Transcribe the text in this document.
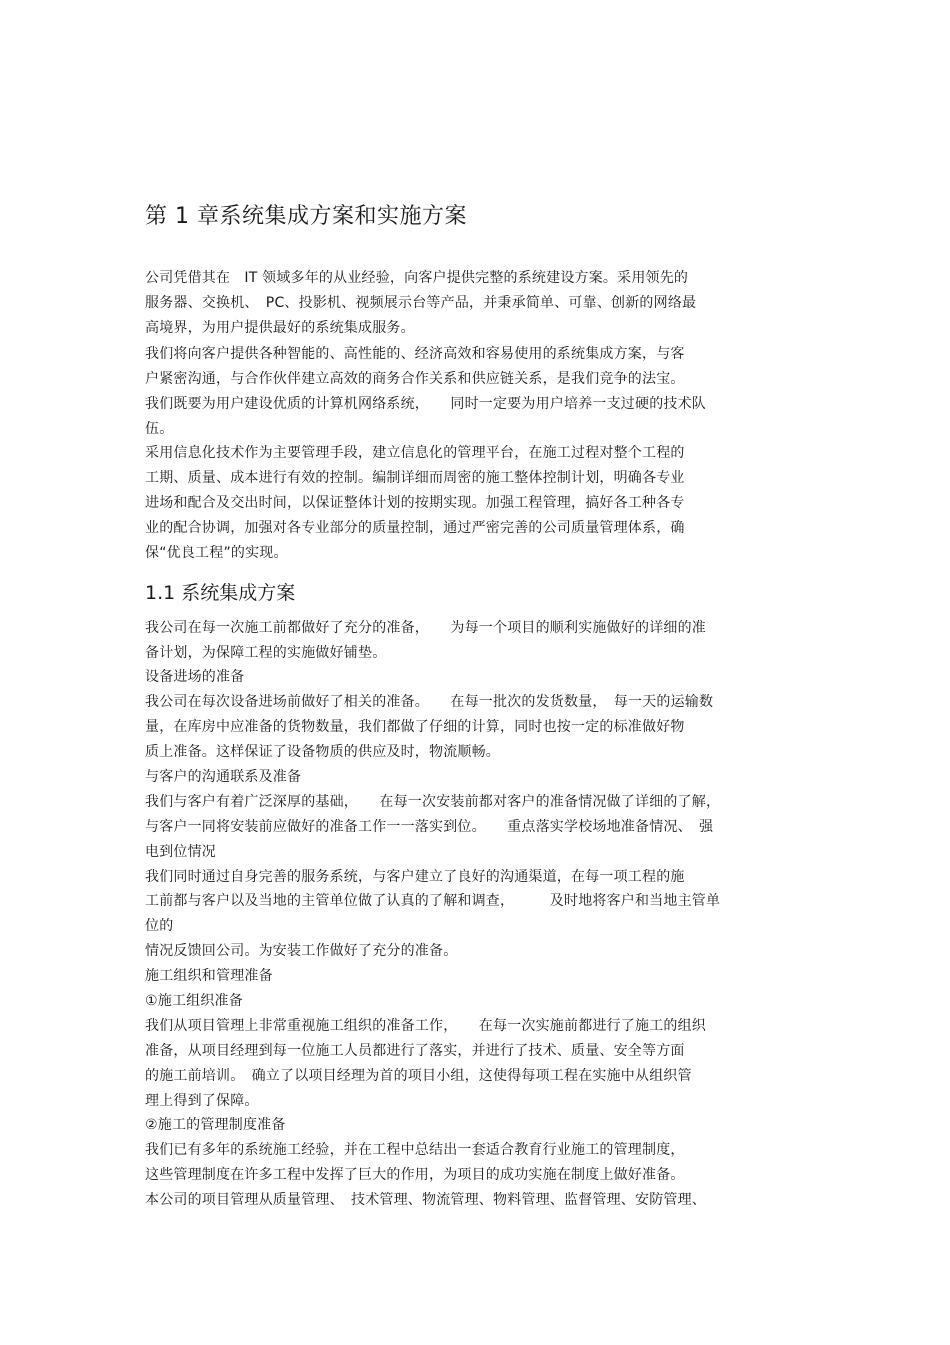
第 1 章系统集成方案和实施方案
公司凭借其在　IT 领域多年的从业经验，向客户提供完整的系统建设方案。采用领先的
服务器、交换机、　PC、投影机、视频展示台等产品，并秉承简单、可靠、创新的网络最
高境界，为用户提供最好的系统集成服务。
我们将向客户提供各种智能的、高性能的、经济高效和容易使用的系统集成方案，与客
户紧密沟通，与合作伙伴建立高效的商务合作关系和供应链关系，是我们竞争的法宝。
我们既要为用户建设优质的计算机网络系统，　　同时一定要为用户培养一支过硬的技术队
伍。
采用信息化技术作为主要管理手段，建立信息化的管理平台，在施工过程对整个工程的
工期、质量、成本进行有效的控制。编制详细而周密的施工整体控制计划，明确各专业
进场和配合及交出时间，以保证整体计划的按期实现。加强工程管理，搞好各工种各专
业的配合协调，加强对各专业部分的质量控制，通过严密完善的公司质量管理体系，确
保“优良工程”的实现。
1.1 系统集成方案
我公司在每一次施工前都做好了充分的准备，　　为每一个项目的顺利实施做好的详细的准
备计划，为保障工程的实施做好铺垫。
设备进场的准备
我公司在每次设备进场前做好了相关的准备。　　在每一批次的发货数量，　每一天的运输数
量，在库房中应准备的货物数量，我们都做了仔细的计算，同时也按一定的标准做好物
质上准备。这样保证了设备物质的供应及时，物流顺畅。
与客户的沟通联系及准备
我们与客户有着广泛深厚的基础，　　在每一次安装前都对客户的准备情况做了详细的了解，
与客户一同将安装前应做好的准备工作一一落实到位。　　重点落实学校场地准备情况、　强
电到位情况
我们同时通过自身完善的服务系统，与客户建立了良好的沟通渠道，在每一项工程的施
工前都与客户以及当地的主管单位做了认真的了解和调查，　　　及时地将客户和当地主管单
位的
情况反馈回公司。为安装工作做好了充分的准备。
施工组织和管理准备
①施工组织准备
我们从项目管理上非常重视施工组织的准备工作，　　在每一次实施前都进行了施工的组织
准备，从项目经理到每一位施工人员都进行了落实，并进行了技术、质量、安全等方面
的施工前培训。　确立了以项目经理为首的项目小组，这使得每项工程在实施中从组织管
理上得到了保障。
②施工的管理制度准备
我们已有多年的系统施工经验，并在工程中总结出一套适合教育行业施工的管理制度，
这些管理制度在许多工程中发挥了巨大的作用，为项目的成功实施在制度上做好准备。
本公司的项目管理从质量管理、　技术管理、物流管理、物料管理、监督管理、安防管理、
